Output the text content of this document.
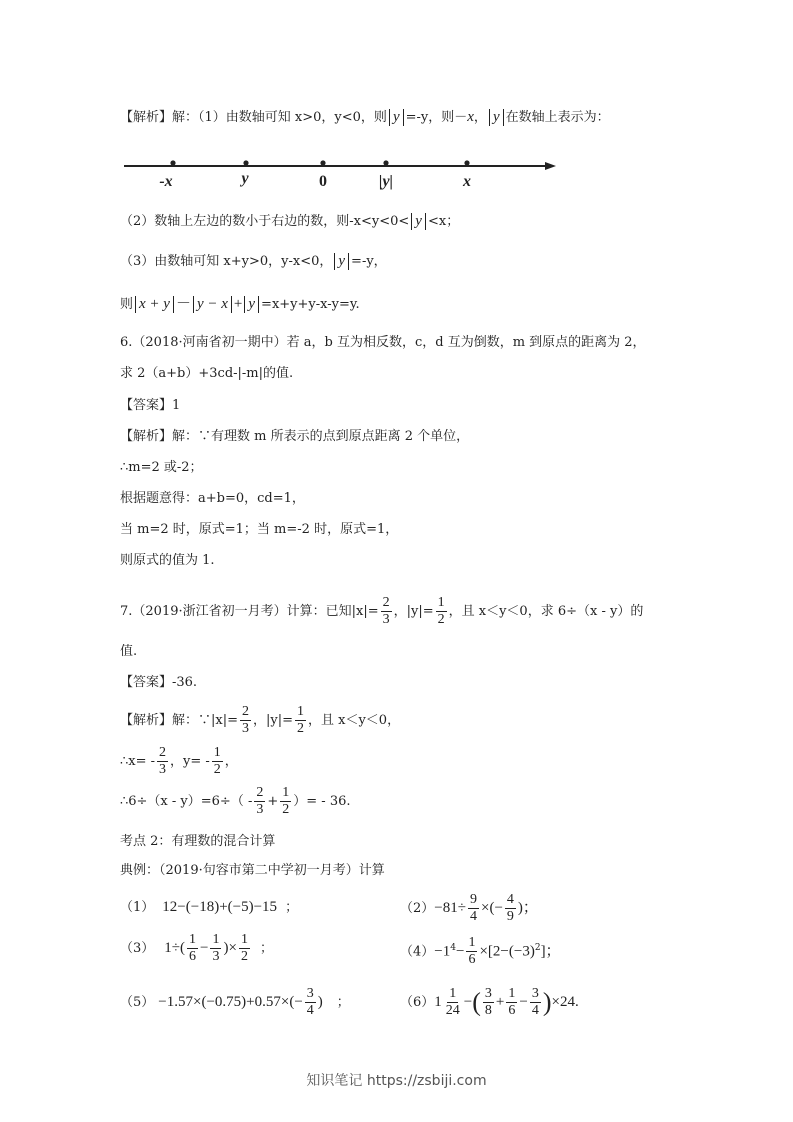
【解析】解：（1）由数轴可知 x>0，y<0，则 y =-y，则－x， y 在数轴上表示为：
-x	y	0	|y|	x
（2）数轴上左边的数小于右边的数，则-x<y<0< y <x；
（3）由数轴可知 x+y>0，y-x<0， y =-y，
则 x + y － y − x + y =x+y+y-x-y=y.
6.（2018·河南省初一期中）若 a，b 互为相反数，c，d 互为倒数，m 到原点的距离为 2，
求 2（a+b）+3cd-|-m|的值.
【答案】1
【解析】解：∵有理数 m 所表示的点到原点距离 2 个单位，
∴m=2 或-2；
根据题意得：a+b=0，cd=1，
当 m=2 时，原式=1；当 m=-2 时，原式=1，
则原式的值为 1.
7.（2019·浙江省初一月考）计算：已知$|x|= \frac{2}{3}$ ，$|y|= \frac{1}{2}$ ，且 x＜y＜0，求 6÷（x - y）的
值.
【答案】-36.
【解析】解：∵|x|= $\frac{2}{3}$ ，$|y|= \frac{1}{2}$ ，且 x＜y＜0，
∴x= - $\frac{2}{3}$ ，$y= - \frac{1}{2}$ ，
∴6÷（x - $y)=6\div( - \frac{2}{3} + \frac{1}{2}$ ）= - 36.
考点 2：有理数的混合计算
典例：（2019·句容市第二中学初一月考）计算
（1） 12−(−18)+(−5)−15 ；	$(2)-81\div \frac{9}{4}$ ×(− $\frac{4}{9}$ )；
（3） $1\div( \frac{1}{6} - \frac{1}{3}$ )× $\frac{1}{2}$ ；	$(4)-1^4- \frac{1}{6} \times[2-(-3)^2]$；
$(5) -1.57\times(-0.75)+0.57\times(- \frac{3}{4}$ ) ；	$(6)1 \frac{1}{24}$ −( $\frac{3}{8} + \frac{1}{6} - \frac{3}{4} )\times 24$.
知识笔记 https://zsbiji.com
